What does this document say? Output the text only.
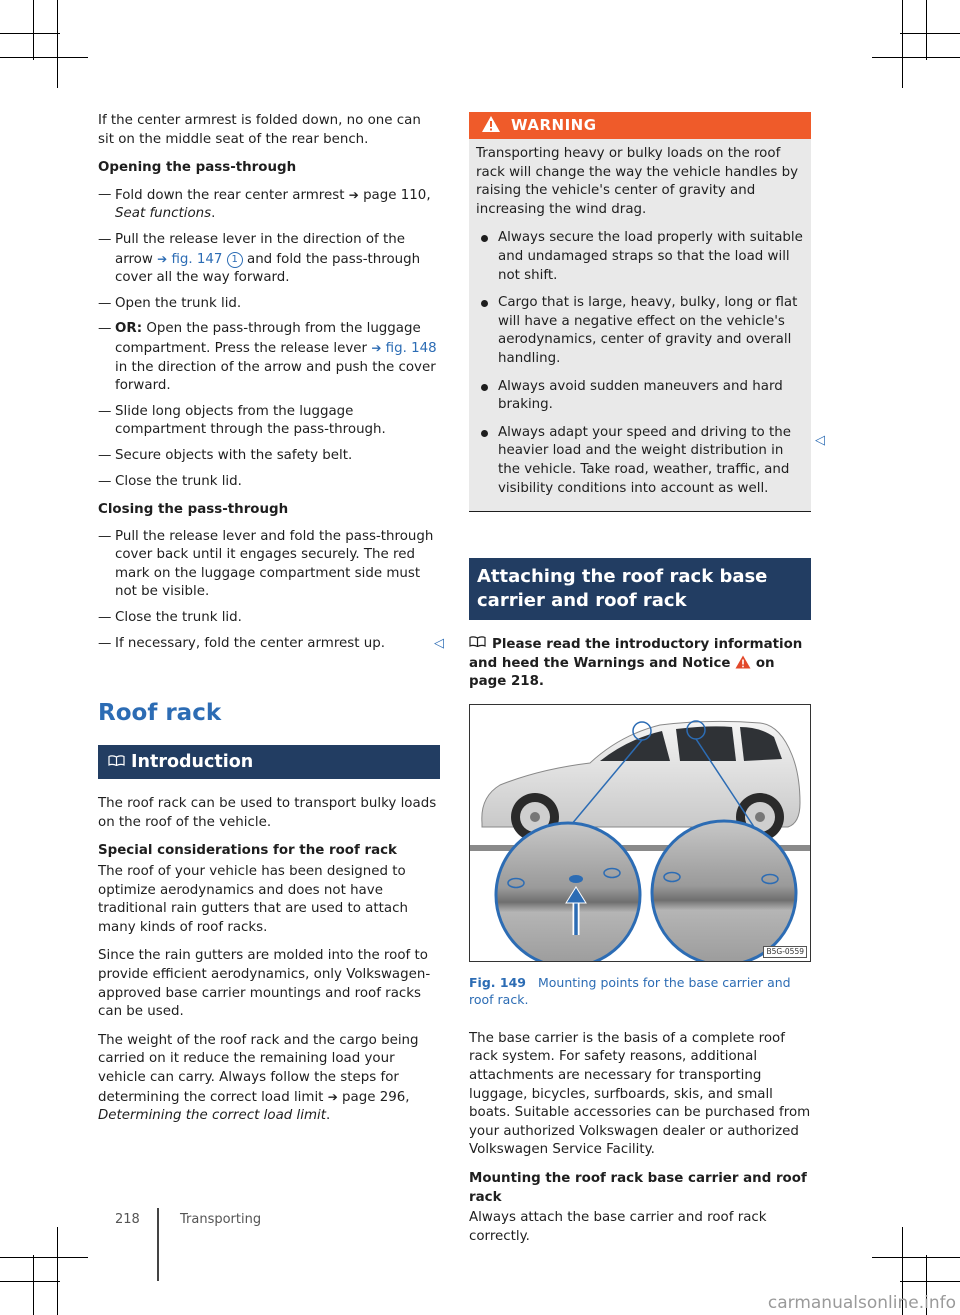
If the center armrest is folded down, no one can sit on the middle seat of the rear bench.

Opening the pass-through
— Fold down the rear center armrest ➔ page 110, Seat functions.
— Pull the release lever in the direction of the arrow ➔ fig. 147 1 and fold the pass-through cover all the way forward.
— Open the trunk lid.
— OR: Open the pass-through from the luggage compartment. Press the release lever ➔ fig. 148 in the direction of the arrow and push the cover forward.
— Slide long objects from the luggage compartment through the pass-through.
— Secure objects with the safety belt.
— Close the trunk lid.
Closing the pass-through
— Pull the release lever and fold the pass-through cover back until it engages securely. The red mark on the luggage compartment side must not be visible.
— Close the trunk lid.
— If necessary, fold the center armrest up.	◁
Roof rack
Introduction

The roof rack can be used to transport bulky loads on the roof of the vehicle.

Special considerations for the roof rack

The roof of your vehicle has been designed to optimize aerodynamics and does not have traditional rain gutters that are used to attach many kinds of roof racks.

Since the rain gutters are molded into the roof to provide efficient aerodynamics, only Volkswagen-approved base carrier mountings and roof racks can be used.

The weight of the roof rack and the cargo being carried on it reduce the remaining load your vehicle can carry. Always follow the steps for determining the correct load limit ➔ page 296, Determining the correct load limit.

WARNING

Transporting heavy or bulky loads on the roof rack will change the way the vehicle handles by raising the vehicle's center of gravity and increasing the wind drag.

Always secure the load properly with suitable and undamaged straps so that the load will not shift.
Cargo that is large, heavy, bulky, long or flat will have a negative effect on the vehicle's aerodynamics, center of gravity and overall handling.
Always avoid sudden maneuvers and hard braking.
Always adapt your speed and driving to the heavier load and the weight distribution in the vehicle. Take road, weather, traffic, and visibility conditions into account as well.
◁
Attaching the roof rack base carrier and roof rack
Please read the introductory information and heed the Warnings and Notice on page 218.
B5G-0559
Fig. 149 Mounting points for the base carrier and roof rack.

The base carrier is the basis of a complete roof rack system. For safety reasons, additional attachments are necessary for transporting luggage, bicycles, surfboards, skis, and small boats. Suitable accessories can be purchased from your authorized Volkswagen dealer or authorized Volkswagen Service Facility.

Mounting the roof rack base carrier and roof rack

Always attach the base carrier and roof rack correctly.

218	Transporting
carmanualsonline.info
